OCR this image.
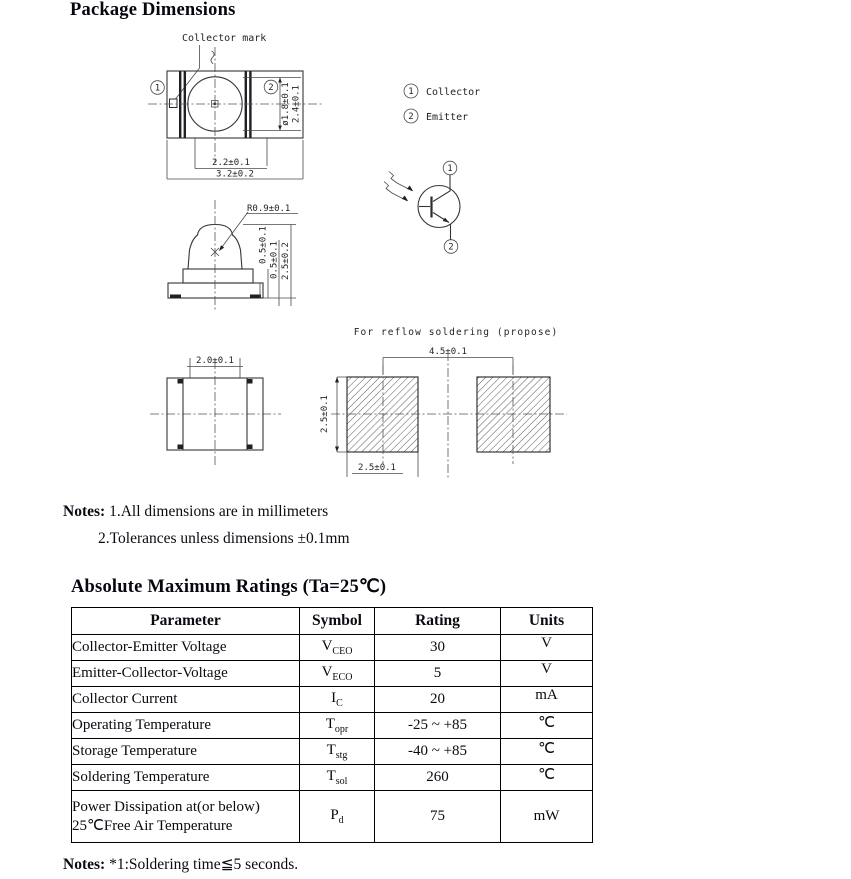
Package Dimensions
Collector mark
1	2 ø1.8±0.1 2.4±0.1
2.2±0.1
3.2±0.2
1 Collector
2 Emitter
1
2
R0.9±0.1
0.5±0.1 0.5±0.1 2.5±0.2
2.0±0.1
For reflow soldering (propose)
4.5±0.1
2.5±0.1
2.5±0.1
Notes: 1.All dimensions are in millimeters
2.Tolerances unless dimensions ±0.1mm
Absolute Maximum Ratings (Ta=25℃)
Parameter	Symbol	Rating	Units
Collector-Emitter Voltage	$V_{CEO}$	30	V
Emitter-Collector-Voltage	$V_{ECO}$	5	V
Collector Current	$I_C$	20	mA
Operating Temperature	$T_{opr}$	-25 ~ +85	℃
Storage Temperature	$T_{stg}$	-40 ~ +85	℃
Soldering Temperature	$T_{sol}$	260	℃
Power Dissipation at(or below) 25℃Free Air Temperature	$P_d$	75	mW
Notes: *1:Soldering time≦5 seconds.
